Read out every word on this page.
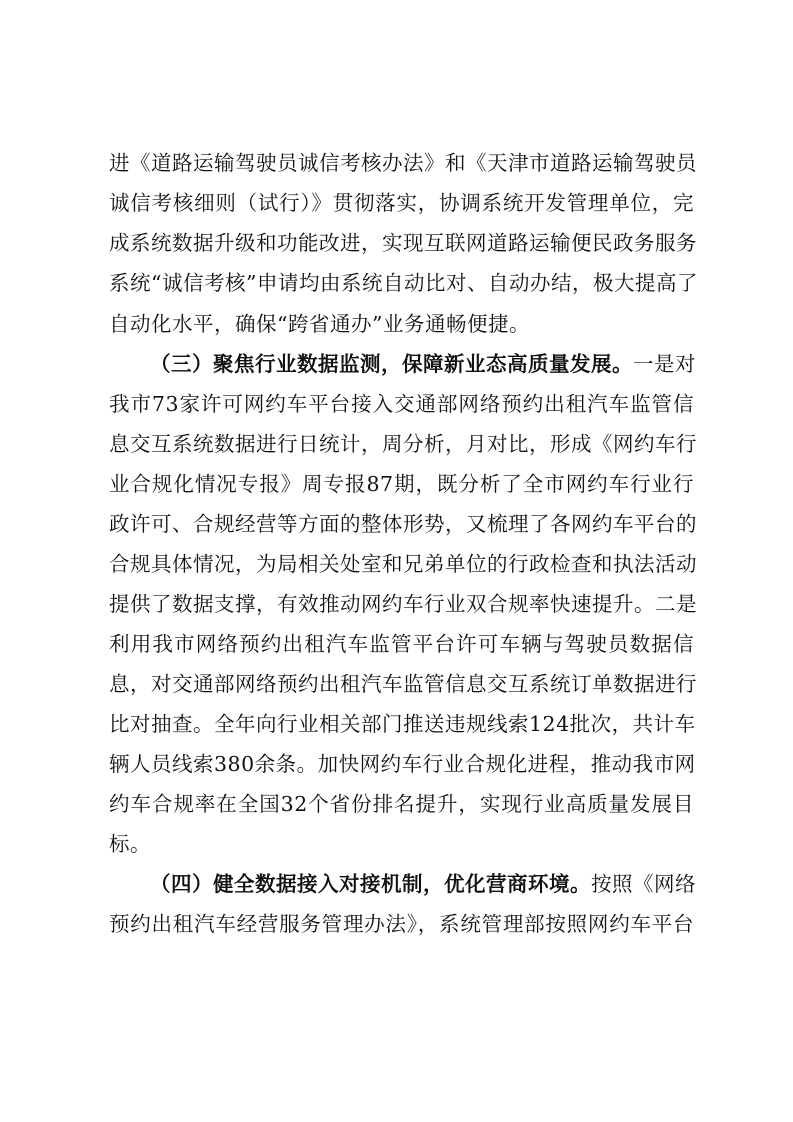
进《道路运输驾驶员诚信考核办法》和《天津市道路运输驾驶员
诚信考核细则（试行）》贯彻落实，协调系统开发管理单位，完
成系统数据升级和功能改进，实现互联网道路运输便民政务服务
系统“诚信考核”申请均由系统自动比对、自动办结，极大提高了
自动化水平，确保“跨省通办”业务通畅便捷。
（三）聚焦行业数据监测，保障新业态高质量发展。一是对
我市73家许可网约车平台接入交通部网络预约出租汽车监管信
息交互系统数据进行日统计，周分析，月对比，形成《网约车行
业合规化情况专报》周专报87期，既分析了全市网约车行业行
政许可、合规经营等方面的整体形势，又梳理了各网约车平台的
合规具体情况，为局相关处室和兄弟单位的行政检查和执法活动
提供了数据支撑，有效推动网约车行业双合规率快速提升。二是
利用我市网络预约出租汽车监管平台许可车辆与驾驶员数据信
息，对交通部网络预约出租汽车监管信息交互系统订单数据进行
比对抽查。全年向行业相关部门推送违规线索124批次，共计车
辆人员线索380余条。加快网约车行业合规化进程，推动我市网
约车合规率在全国32个省份排名提升，实现行业高质量发展目
标。
（四）健全数据接入对接机制，优化营商环境。按照《网络
预约出租汽车经营服务管理办法》，系统管理部按照网约车平台
